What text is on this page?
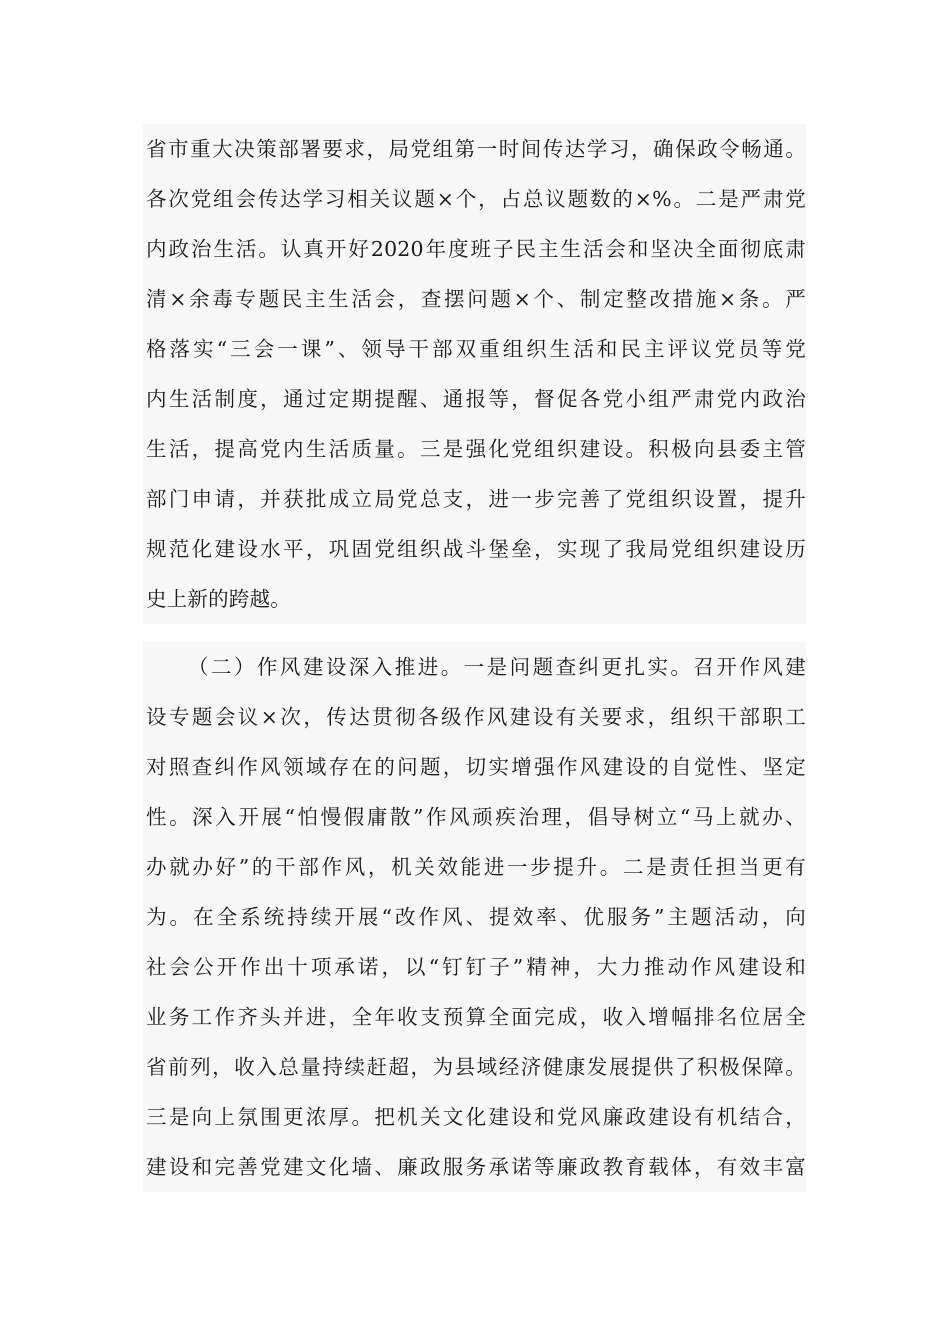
省市重大决策部署要求，局党组第一时间传达学习，确保政令畅通。
各次党组会传达学习相关议题×个，占总议题数的×%。二是严肃党
内政治生活。认真开好2020年度班子民主生活会和坚决全面彻底肃
清×余毒专题民主生活会，查摆问题×个、制定整改措施×条。严
格落实“三会一课”、领导干部双重组织生活和民主评议党员等党
内生活制度，通过定期提醒、通报等，督促各党小组严肃党内政治
生活，提高党内生活质量。三是强化党组织建设。积极向县委主管
部门申请，并获批成立局党总支，进一步完善了党组织设置，提升
规范化建设水平，巩固党组织战斗堡垒，实现了我局党组织建设历
史上新的跨越。
（二）作风建设深入推进。一是问题查纠更扎实。召开作风建
设专题会议×次，传达贯彻各级作风建设有关要求，组织干部职工
对照查纠作风领域存在的问题，切实增强作风建设的自觉性、坚定
性。深入开展“怕慢假庸散”作风顽疾治理，倡导树立“马上就办、
办就办好”的干部作风，机关效能进一步提升。二是责任担当更有
为。在全系统持续开展“改作风、提效率、优服务”主题活动，向
社会公开作出十项承诺，以“钉钉子”精神，大力推动作风建设和
业务工作齐头并进，全年收支预算全面完成，收入增幅排名位居全
省前列，收入总量持续赶超，为县域经济健康发展提供了积极保障。
三是向上氛围更浓厚。把机关文化建设和党风廉政建设有机结合，
建设和完善党建文化墙、廉政服务承诺等廉政教育载体，有效丰富
